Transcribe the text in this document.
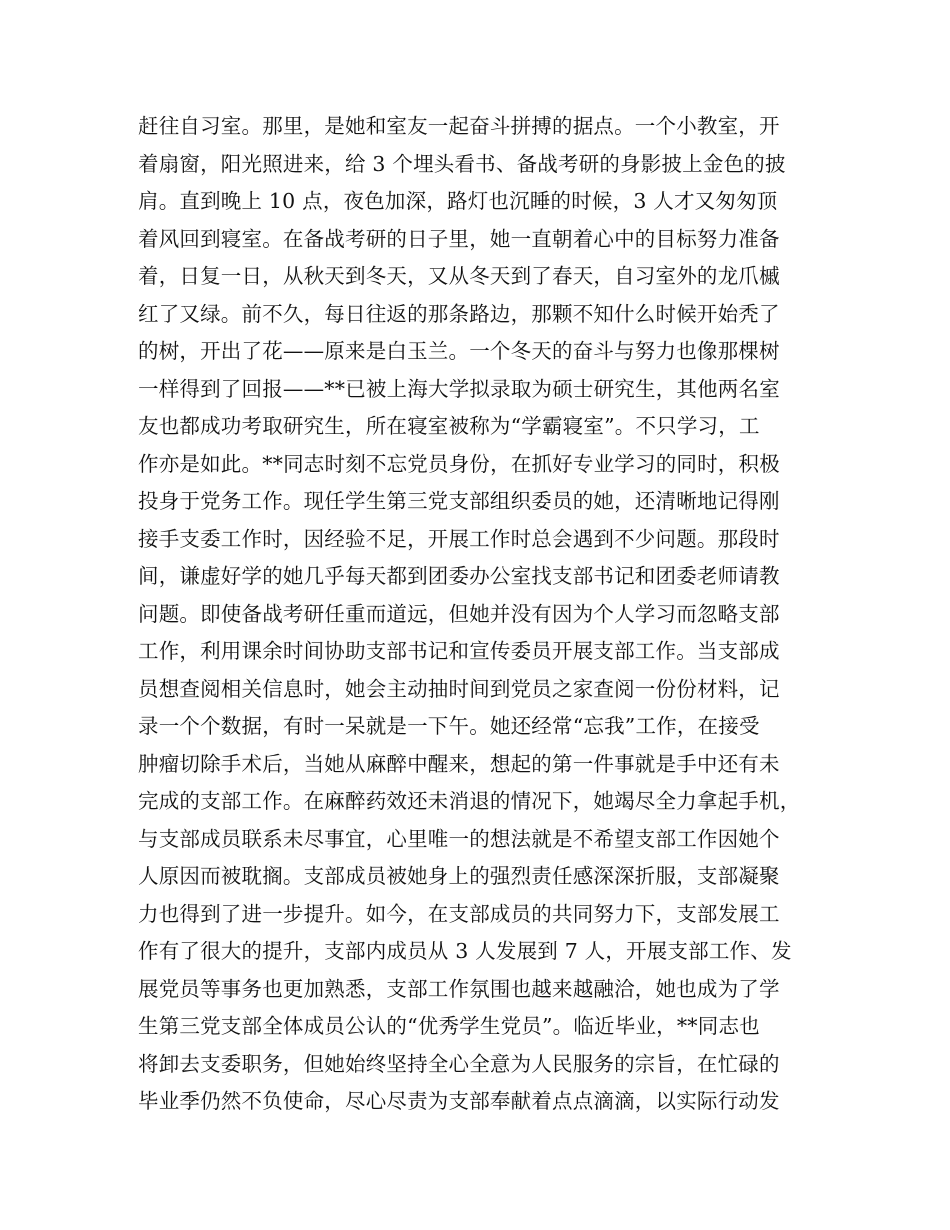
赶往自习室。那里，是她和室友一起奋斗拼搏的据点。一个小教室，开
着扇窗，阳光照进来，给 3 个埋头看书、备战考研的身影披上金色的披
肩。直到晚上 10 点，夜色加深，路灯也沉睡的时候，3 人才又匆匆顶
着风回到寝室。在备战考研的日子里，她一直朝着心中的目标努力准备
着，日复一日，从秋天到冬天，又从冬天到了春天，自习室外的龙爪槭
红了又绿。前不久，每日往返的那条路边，那颗不知什么时候开始秃了
的树，开出了花——原来是白玉兰。一个冬天的奋斗与努力也像那棵树
一样得到了回报——**已被上海大学拟录取为硕士研究生，其他两名室
友也都成功考取研究生，所在寝室被称为“学霸寝室”。不只学习，工
作亦是如此。**同志时刻不忘党员身份，在抓好专业学习的同时，积极
投身于党务工作。现任学生第三党支部组织委员的她，还清晰地记得刚
接手支委工作时，因经验不足，开展工作时总会遇到不少问题。那段时
间，谦虚好学的她几乎每天都到团委办公室找支部书记和团委老师请教
问题。即使备战考研任重而道远，但她并没有因为个人学习而忽略支部
工作，利用课余时间协助支部书记和宣传委员开展支部工作。当支部成
员想查阅相关信息时，她会主动抽时间到党员之家查阅一份份材料，记
录一个个数据，有时一呆就是一下午。她还经常“忘我”工作，在接受
肿瘤切除手术后，当她从麻醉中醒来，想起的第一件事就是手中还有未
完成的支部工作。在麻醉药效还未消退的情况下，她竭尽全力拿起手机，
与支部成员联系未尽事宜，心里唯一的想法就是不希望支部工作因她个
人原因而被耽搁。支部成员被她身上的强烈责任感深深折服，支部凝聚
力也得到了进一步提升。如今，在支部成员的共同努力下，支部发展工
作有了很大的提升，支部内成员从 3 人发展到 7 人，开展支部工作、发
展党员等事务也更加熟悉，支部工作氛围也越来越融洽，她也成为了学
生第三党支部全体成员公认的“优秀学生党员”。临近毕业，**同志也
将卸去支委职务，但她始终坚持全心全意为人民服务的宗旨，在忙碌的
毕业季仍然不负使命，尽心尽责为支部奉献着点点滴滴，以实际行动发
